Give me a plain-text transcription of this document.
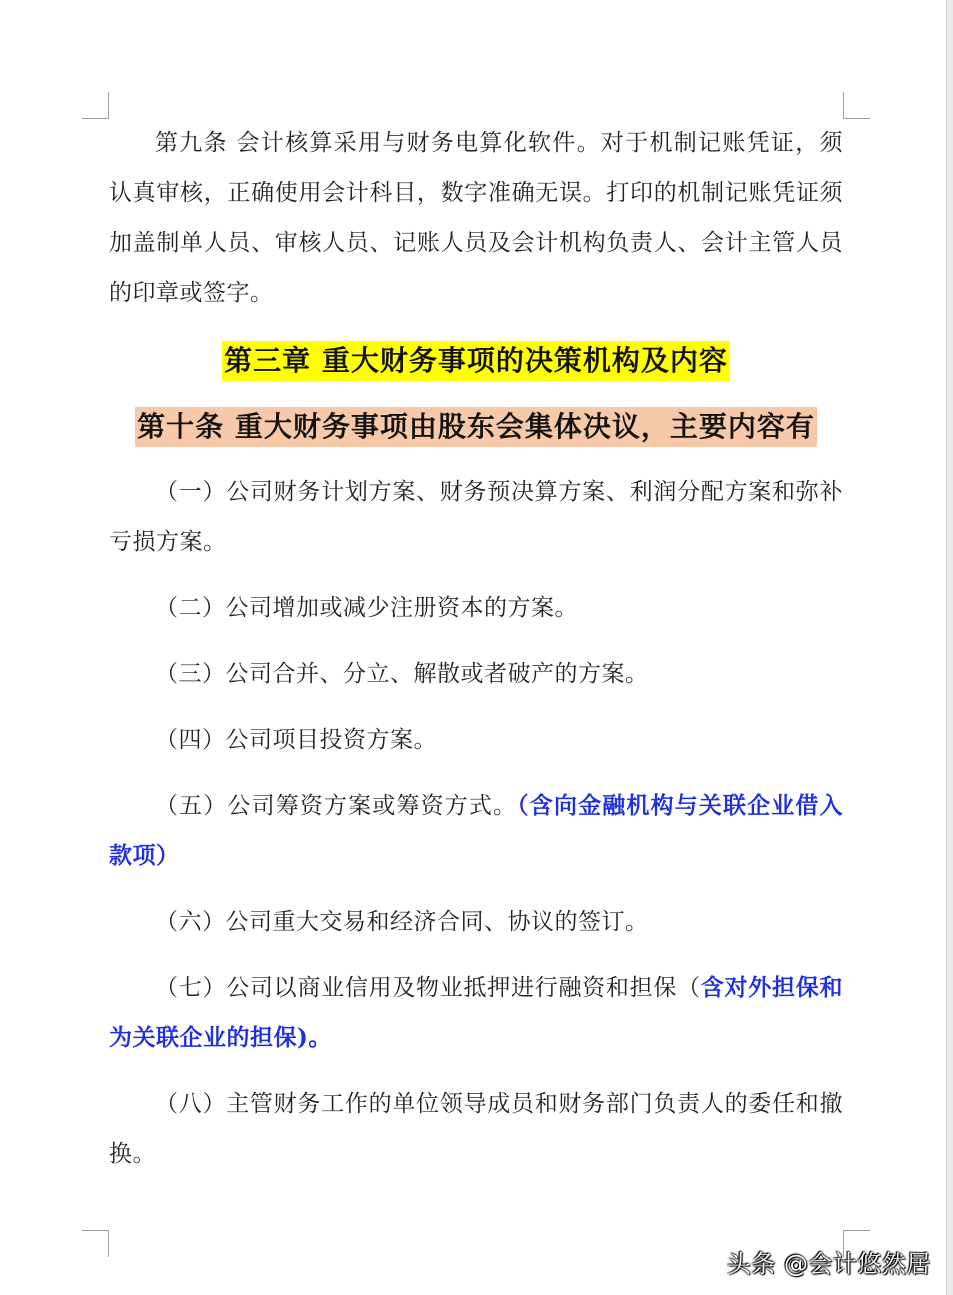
第九条 会计核算采用与财务电算化软件。对于机制记账凭证，须认真审核，正确使用会计科目，数字准确无误。打印的机制记账凭证须加盖制单人员、审核人员、记账人员及会计机构负责人、会计主管人员的印章或签字。

第三章 重大财务事项的决策机构及内容
第十条 重大财务事项由股东会集体决议，主要内容有

（一）公司财务计划方案、财务预决算方案、利润分配方案和弥补亏损方案。

（二）公司增加或减少注册资本的方案。

（三）公司合并、分立、解散或者破产的方案。

（四）公司项目投资方案。

（五）公司筹资方案或筹资方式。（含向金融机构与关联企业借入款项）

（六）公司重大交易和经济合同、协议的签订。

（七）公司以商业信用及物业抵押进行融资和担保（含对外担保和为关联企业的担保)。

（八）主管财务工作的单位领导成员和财务部门负责人的委任和撤换。

头条 @会计悠然居
